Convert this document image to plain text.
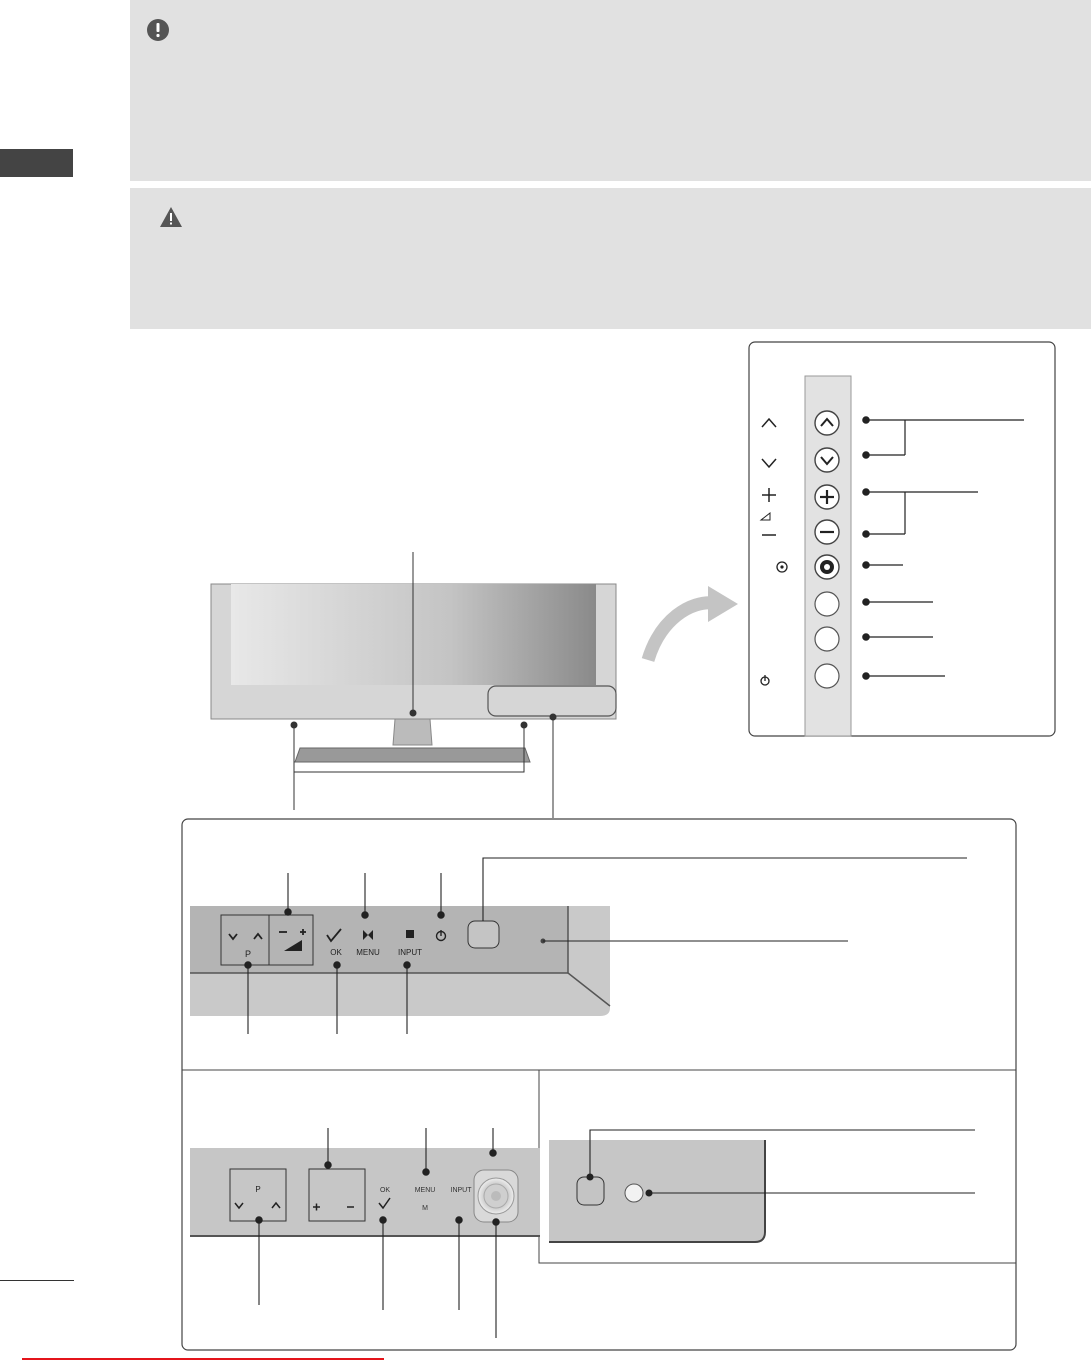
P	OK MENU INPUT
P	OK	MENU
M
INPUT
